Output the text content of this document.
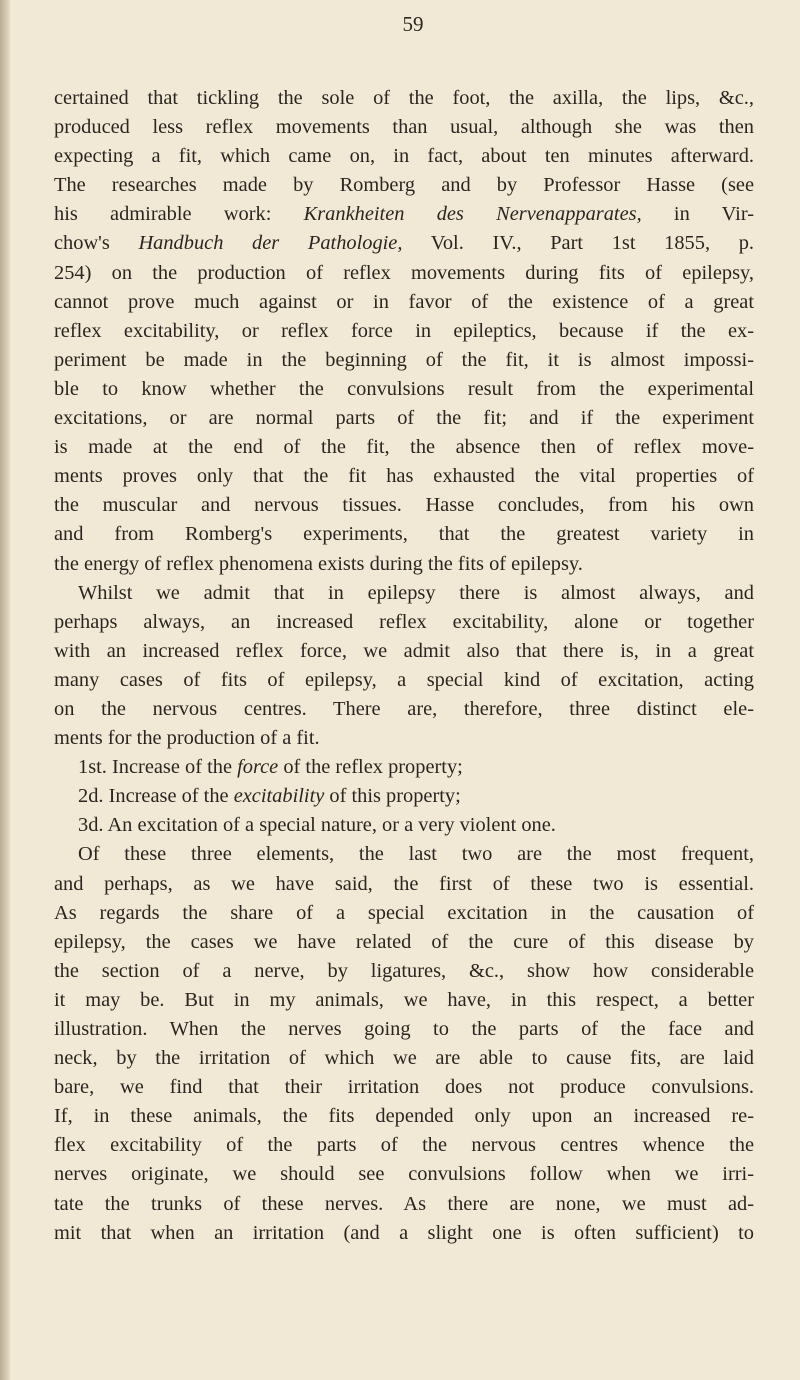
59
certained that tickling the sole of the foot, the axilla, the lips, &c.,
produced less reflex movements than usual, although she was then
expecting a fit, which came on, in fact, about ten minutes afterward.
The researches made by Romberg and by Professor Hasse (see
his admirable work: Krankheiten des Nervenapparates, in Vir-
chow's Handbuch der Pathologie, Vol. IV., Part 1st 1855, p.
254) on the production of reflex movements during fits of epilepsy,
cannot prove much against or in favor of the existence of a great
reflex excitability, or reflex force in epileptics, because if the ex-
periment be made in the beginning of the fit, it is almost impossi-
ble to know whether the convulsions result from the experimental
excitations, or are normal parts of the fit; and if the experiment
is made at the end of the fit, the absence then of reflex move-
ments proves only that the fit has exhausted the vital properties of
the muscular and nervous tissues. Hasse concludes, from his own
and from Romberg's experiments, that the greatest variety in
the energy of reflex phenomena exists during the fits of epilepsy.
Whilst we admit that in epilepsy there is almost always, and
perhaps always, an increased reflex excitability, alone or together
with an increased reflex force, we admit also that there is, in a great
many cases of fits of epilepsy, a special kind of excitation, acting
on the nervous centres. There are, therefore, three distinct ele-
ments for the production of a fit.
1st. Increase of the force of the reflex property;
2d. Increase of the excitability of this property;
3d. An excitation of a special nature, or a very violent one.
Of these three elements, the last two are the most frequent,
and perhaps, as we have said, the first of these two is essential.
As regards the share of a special excitation in the causation of
epilepsy, the cases we have related of the cure of this disease by
the section of a nerve, by ligatures, &c., show how considerable
it may be. But in my animals, we have, in this respect, a better
illustration. When the nerves going to the parts of the face and
neck, by the irritation of which we are able to cause fits, are laid
bare, we find that their irritation does not produce convulsions.
If, in these animals, the fits depended only upon an increased re-
flex excitability of the parts of the nervous centres whence the
nerves originate, we should see convulsions follow when we irri-
tate the trunks of these nerves. As there are none, we must ad-
mit that when an irritation (and a slight one is often sufficient) to
